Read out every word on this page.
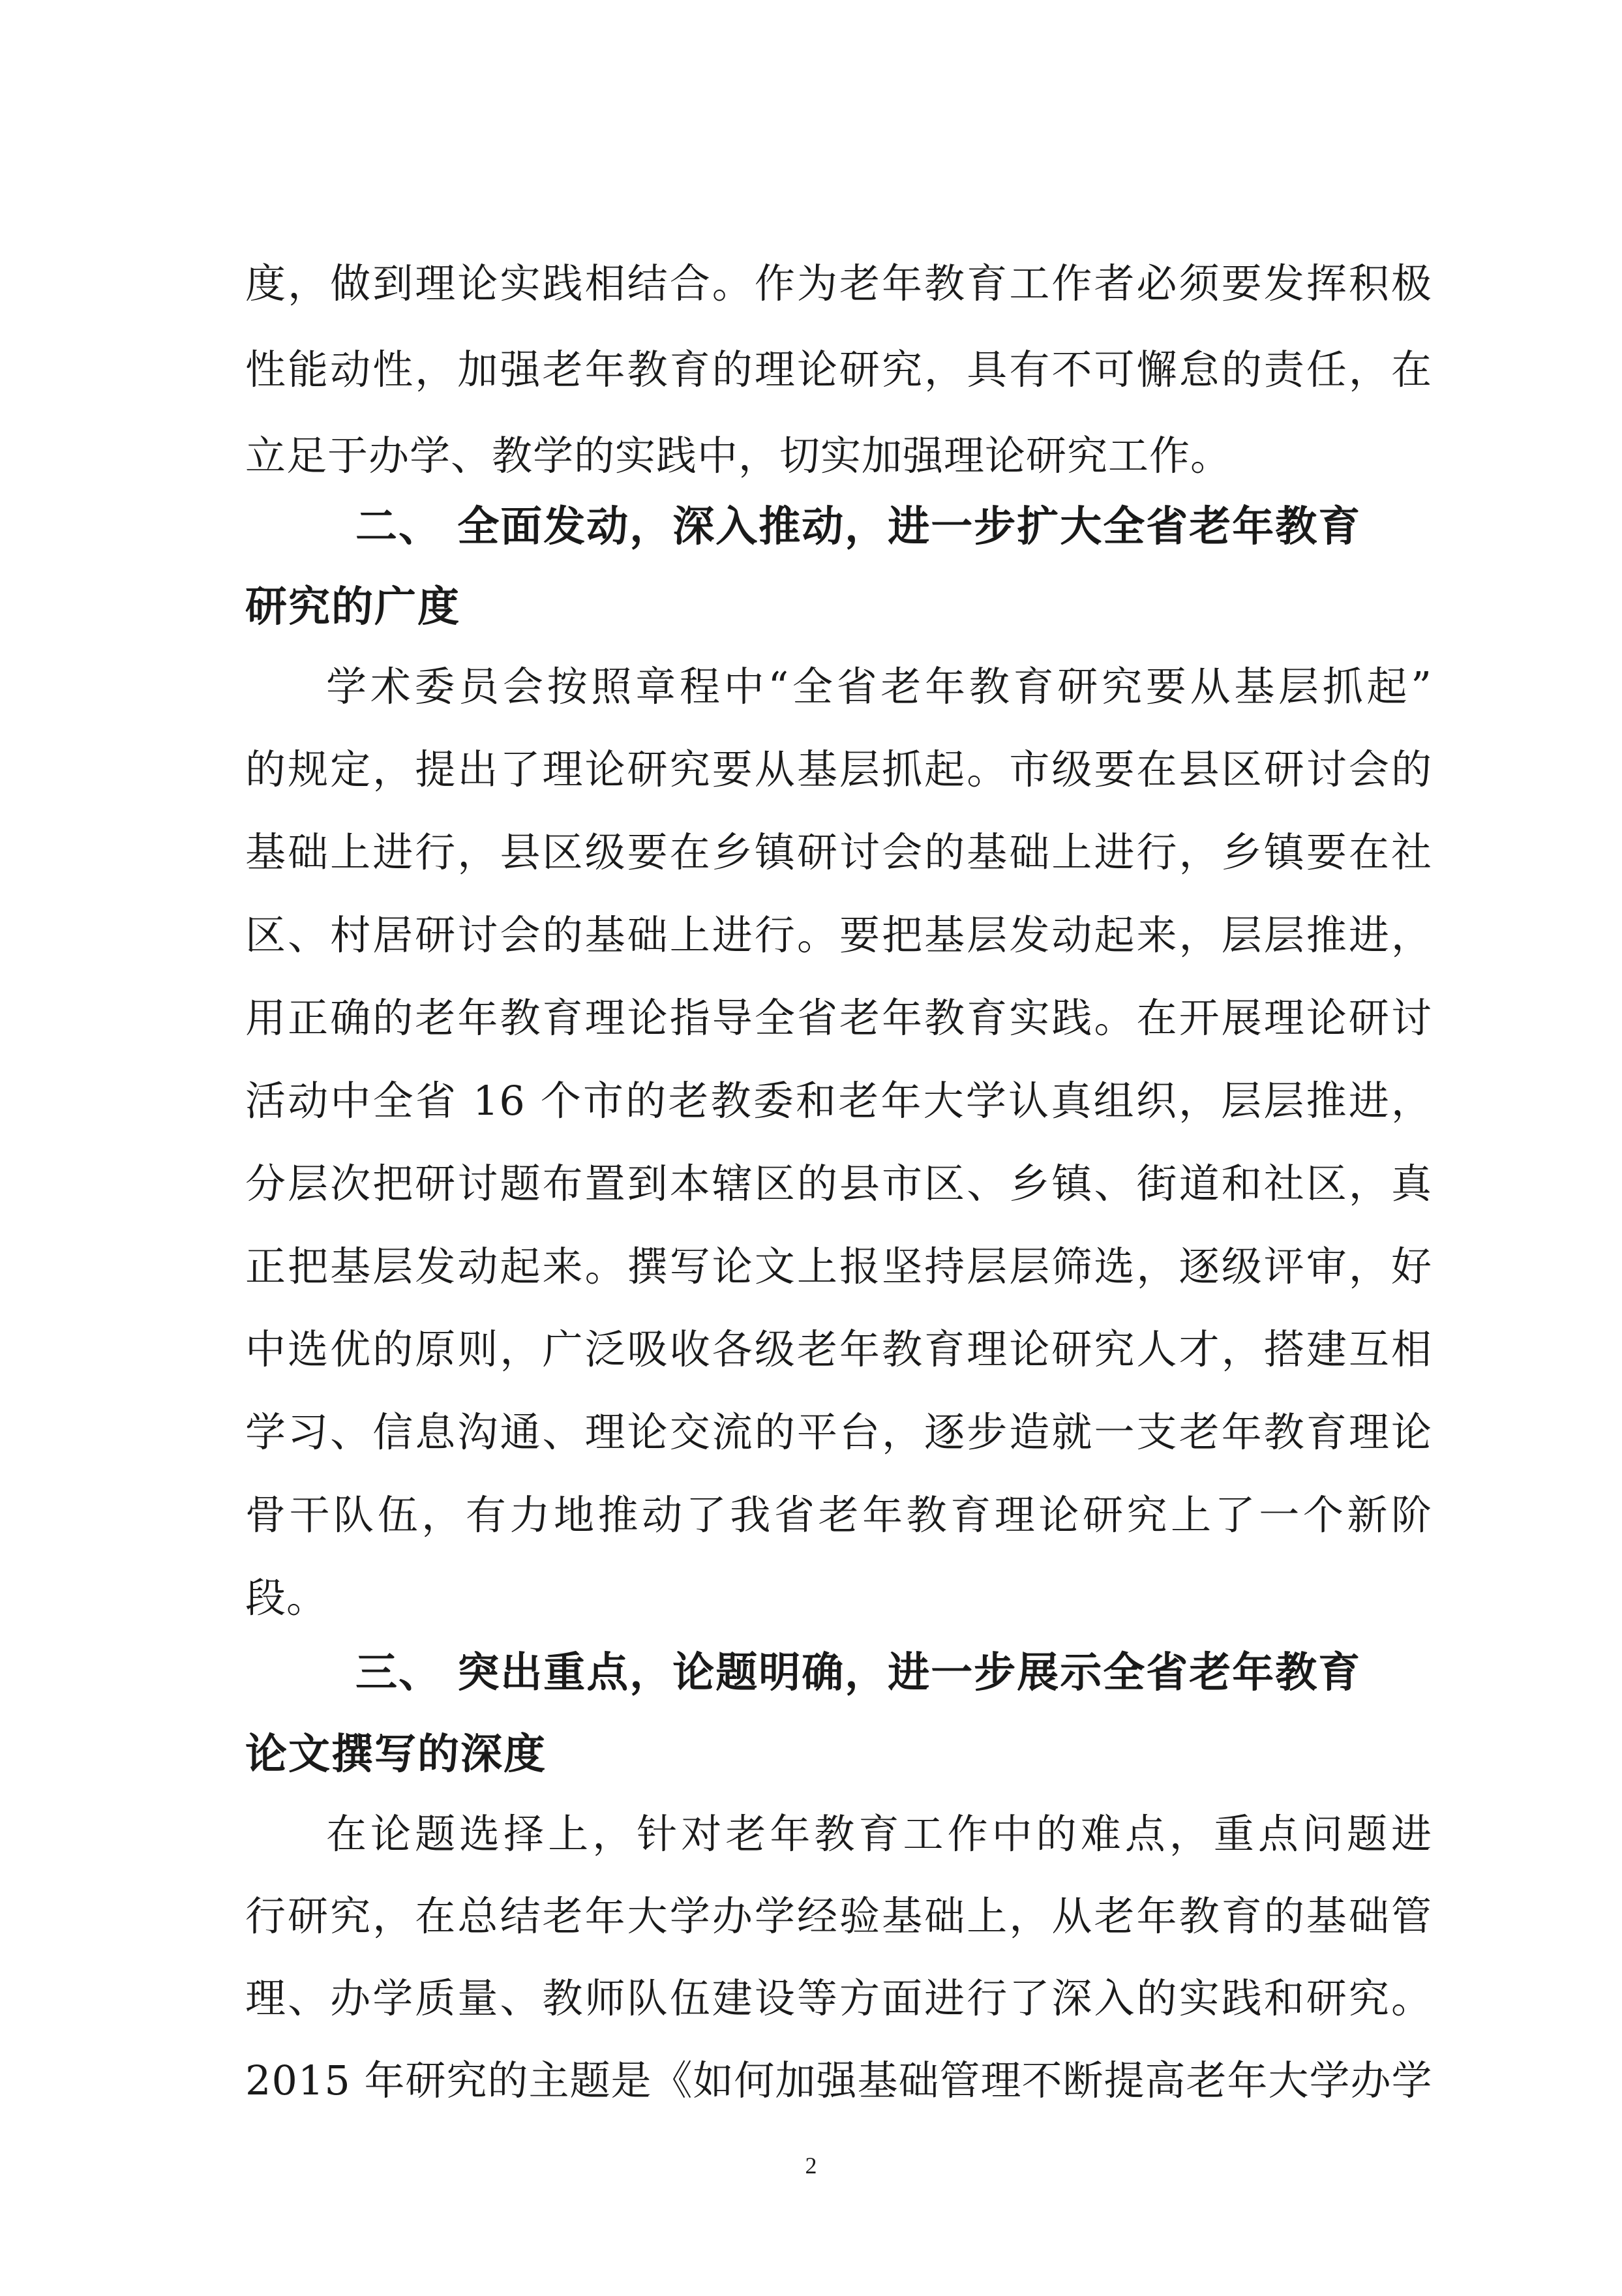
度，做到理论实践相结合。作为老年教育工作者必须要发挥积极
性能动性，加强老年教育的理论研究，具有不可懈怠的责任，在
立足于办学、教学的实践中，切实加强理论研究工作。
二、 全面发动，深入推动，进一步扩大全省老年教育
研究的广度
学术委员会按照章程中“全省老年教育研究要从基层抓起”
的规定，提出了理论研究要从基层抓起。市级要在县区研讨会的
基础上进行，县区级要在乡镇研讨会的基础上进行，乡镇要在社
区、村居研讨会的基础上进行。要把基层发动起来，层层推进，
用正确的老年教育理论指导全省老年教育实践。在开展理论研讨
活动中全省 16 个市的老教委和老年大学认真组织，层层推进，
分层次把研讨题布置到本辖区的县市区、乡镇、街道和社区，真
正把基层发动起来。撰写论文上报坚持层层筛选，逐级评审，好
中选优的原则，广泛吸收各级老年教育理论研究人才，搭建互相
学习、信息沟通、理论交流的平台，逐步造就一支老年教育理论
骨干队伍，有力地推动了我省老年教育理论研究上了一个新阶
段。
三、 突出重点，论题明确，进一步展示全省老年教育
论文撰写的深度
在论题选择上，针对老年教育工作中的难点，重点问题进
行研究，在总结老年大学办学经验基础上，从老年教育的基础管
理、办学质量、教师队伍建设等方面进行了深入的实践和研究。
2015 年研究的主题是《如何加强基础管理不断提高老年大学办学
2
